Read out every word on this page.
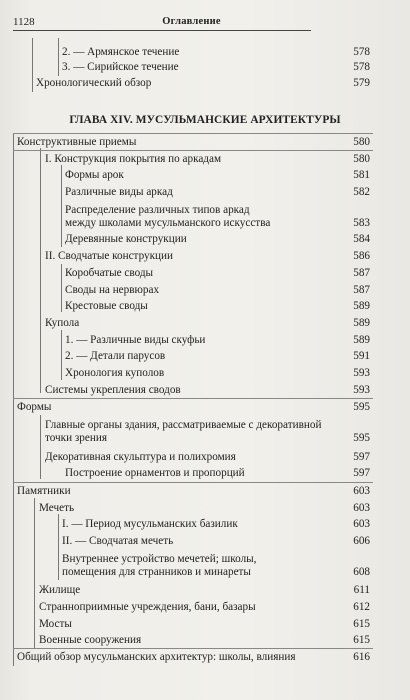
1128	Оглавление
2. — Армянское течение	578
3. — Сирийское течение	578
Хронологический обзор	579
ГЛАВА XIV. МУСУЛЬМАНСКИЕ АРХИТЕКТУРЫ
Конструктивные приемы	580
I. Конструкция покрытия по аркадам	580
Формы арок	581
Различные виды аркад	582
Распределение различных типов аркад
между школами мусульманского искусства	583
Деревянные конструкции	584
II. Сводчатые конструкции	586
Коробчатые своды	587
Своды на нервюрах	587
Крестовые своды	589
Купола	589
1. — Различные виды скуфьи	589
2. — Детали парусов	591
Хронология куполов	593
Системы укрепления сводов	593
Формы	595
Главные органы здания, рассматриваемые с декоративной
точки зрения	595
Декоративная скульптура и полихромия	597
Построение орнаментов и пропорций	597
Памятники	603
Мечеть	603
I. — Период мусульманских базилик	603
II. — Сводчатая мечеть	606
Внутреннее устройство мечетей; школы,
помещения для странников и минареты	608
Жилище	611
Странноприимные учреждения, бани, базары	612
Мосты	615
Военные сооружения	615
Общий обзор мусульманских архитектур: школы, влияния	616
